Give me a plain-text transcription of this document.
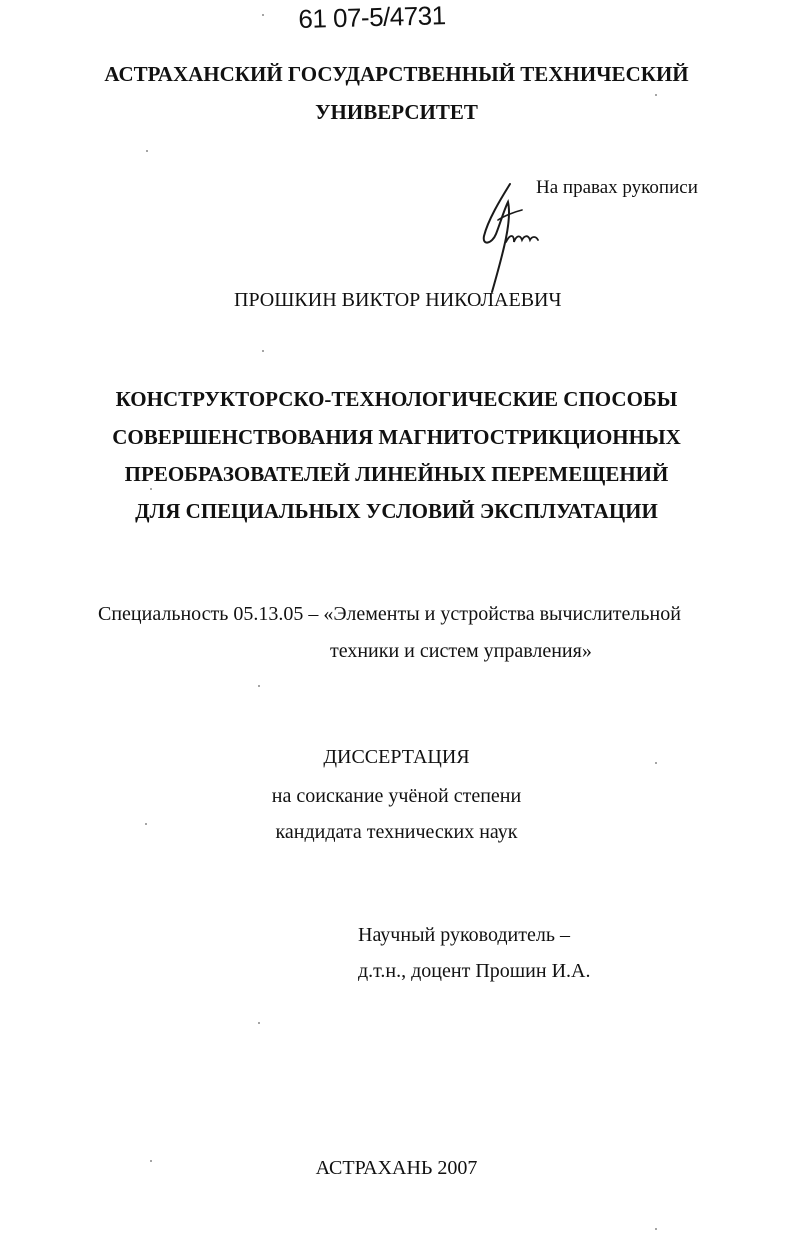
61 07-5/4731
АСТРАХАНСКИЙ ГОСУДАРСТВЕННЫЙ ТЕХНИЧЕСКИЙ
УНИВЕРСИТЕТ
На правах рукописи
ПРОШКИН ВИКТОР НИКОЛАЕВИЧ
КОНСТРУКТОРСКО-ТЕХНОЛОГИЧЕСКИЕ СПОСОБЫ
СОВЕРШЕНСТВОВАНИЯ МАГНИТОСТРИКЦИОННЫХ
ПРЕОБРАЗОВАТЕЛЕЙ ЛИНЕЙНЫХ ПЕРЕМЕЩЕНИЙ
ДЛЯ СПЕЦИАЛЬНЫХ УСЛОВИЙ ЭКСПЛУАТАЦИИ
Специальность 05.13.05 – «Элементы и устройства вычислительной
техники и систем управления»
ДИССЕРТАЦИЯ
на соискание учёной степени
кандидата технических наук
Научный руководитель –
д.т.н., доцент Прошин И.А.
АСТРАХАНЬ 2007
